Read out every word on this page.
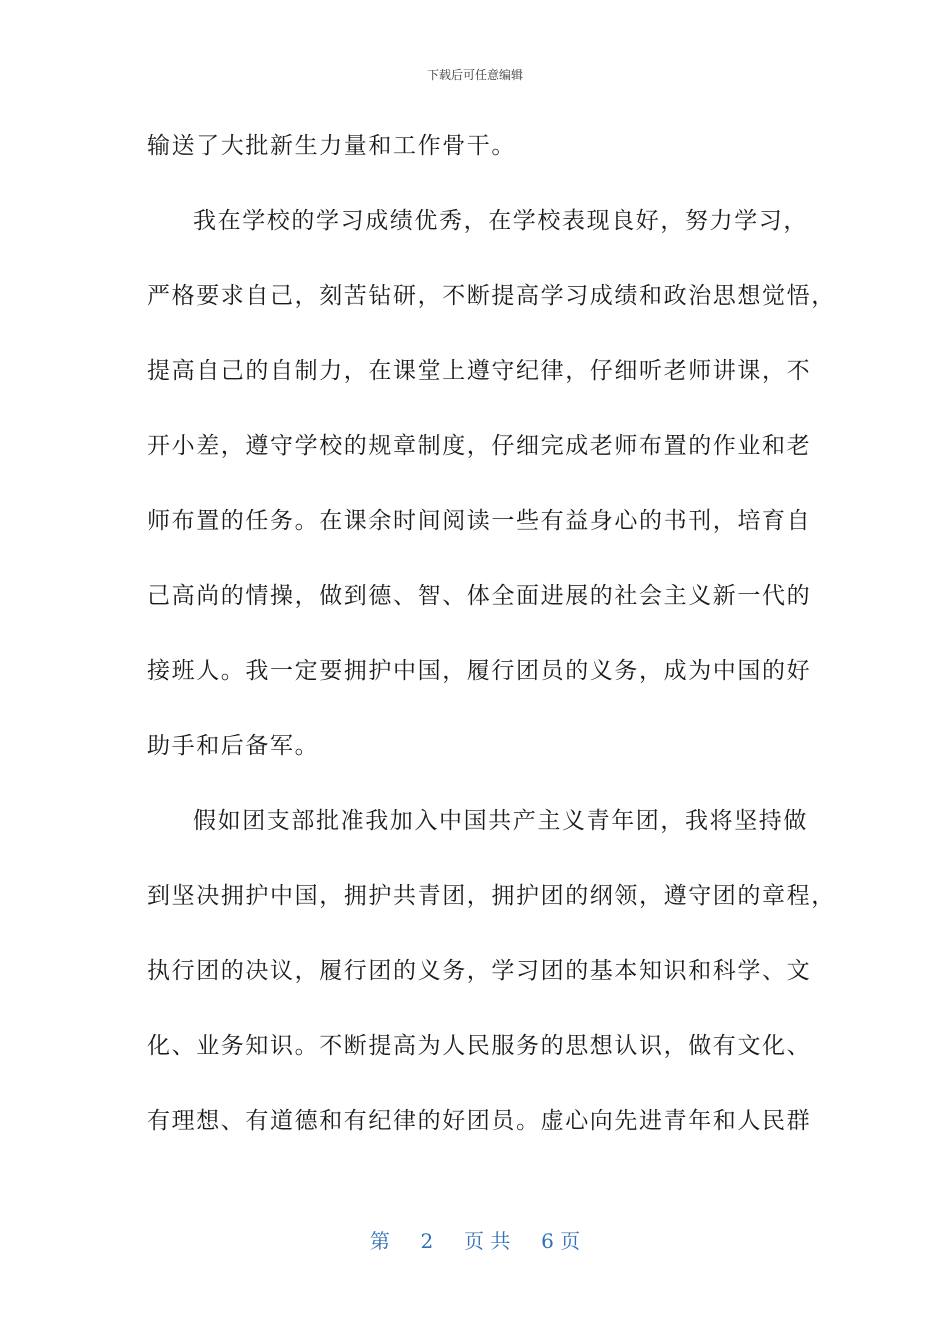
下载后可任意编辑
输送了大批新生力量和工作骨干。
我在学校的学习成绩优秀，在学校表现良好，努力学习，
严格要求自己，刻苦钻研，不断提高学习成绩和政治思想觉悟，
提高自己的自制力，在课堂上遵守纪律，仔细听老师讲课，不
开小差，遵守学校的规章制度，仔细完成老师布置的作业和老
师布置的任务。在课余时间阅读一些有益身心的书刊，培育自
己高尚的情操，做到德、智、体全面进展的社会主义新一代的
接班人。我一定要拥护中国，履行团员的义务，成为中国的好
助手和后备军。
假如团支部批准我加入中国共产主义青年团，我将坚持做
到坚决拥护中国，拥护共青团，拥护团的纲领，遵守团的章程，
执行团的决议，履行团的义务，学习团的基本知识和科学、文
化、业务知识。不断提高为人民服务的思想认识，做有文化、
有理想、有道德和有纪律的好团员。虚心向先进青年和人民群
第 2 页 共 6 页
